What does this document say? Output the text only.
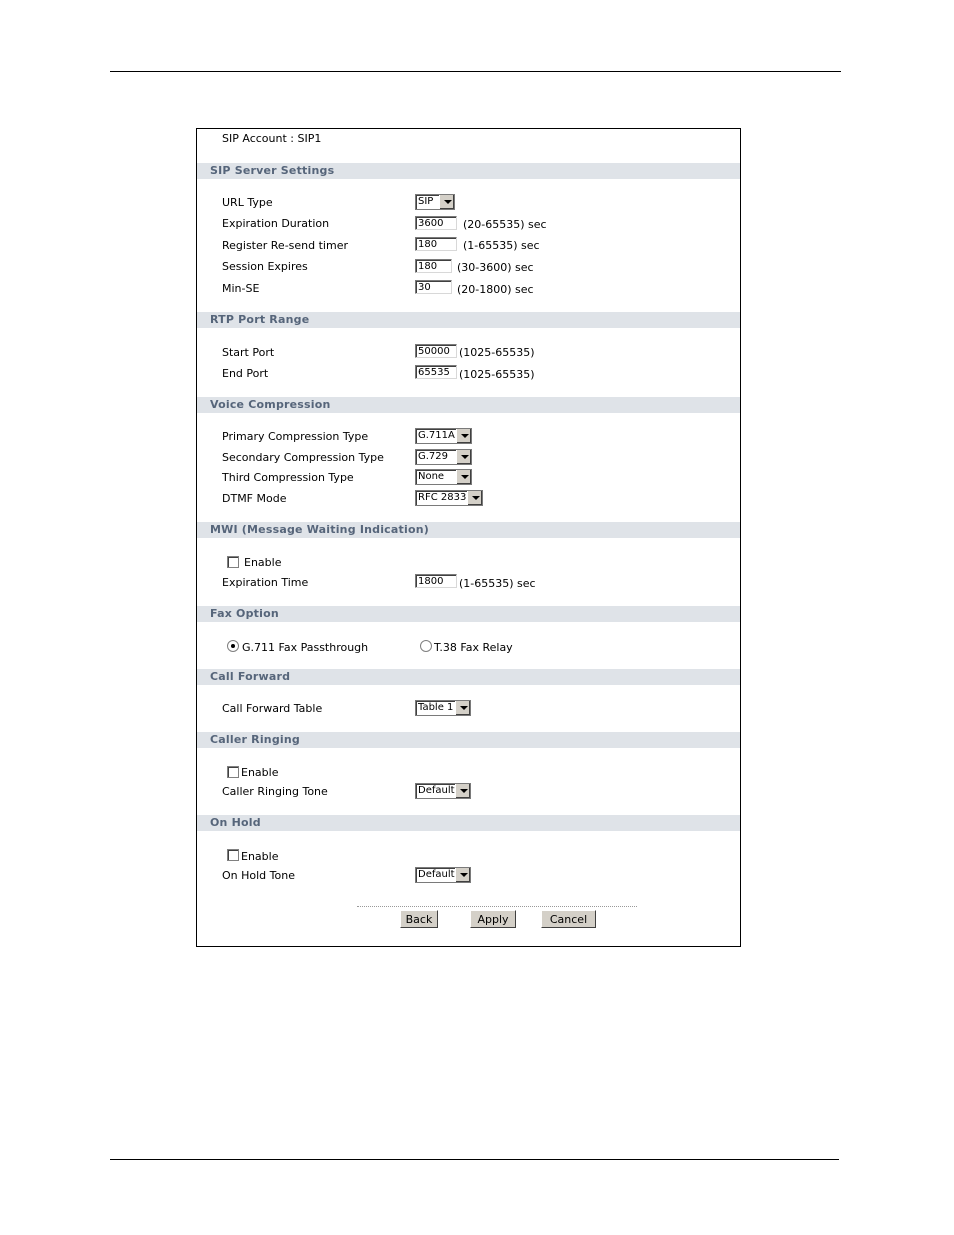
SIP Account : SIP1
SIP Server Settings
URL Type	SIP
Expiration Duration	3600	(20-65535) sec
Register Re-send timer	180	(1-65535) sec
Session Expires	180	(30-3600) sec
Min-SE	30	(20-1800) sec
RTP Port Range
Start Port	50000 (1025-65535)
End Port	65535 (1025-65535)
Voice Compression
Primary Compression Type	G.711A
Secondary Compression Type	G.729
Third Compression Type	None
DTMF Mode	RFC 2833
MWI (Message Waiting Indication)
Enable
Expiration Time	1800	(1-65535) sec
Fax Option
G.711 Fax Passthrough	T.38 Fax Relay
Call Forward
Call Forward Table	Table 1
Caller Ringing
Enable
Caller Ringing Tone	Default
On Hold
Enable
On Hold Tone	Default
Back	Apply	Cancel
